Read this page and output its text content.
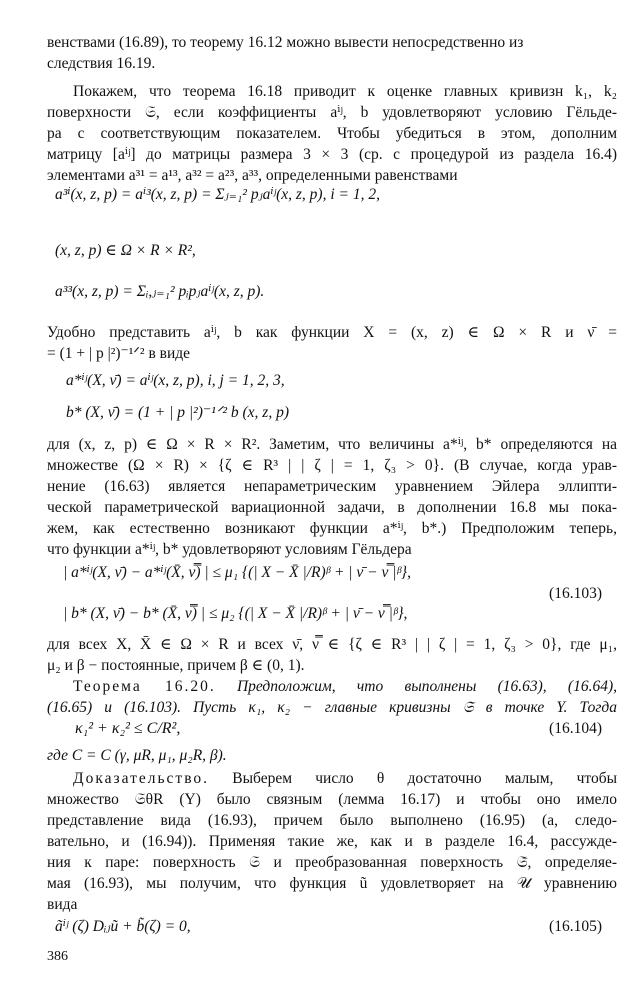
венствами (16.89), то теорему 16.12 можно вывести непосредственно из

следствия 16.19.

Покажем, что теорема 16.18 приводит к оценке главных кривизн k₁, k₂

поверхности 𝔖, если коэффициенты aⁱʲ, b удовлетворяют условию Гёльде-

ра с соответствующим показателем. Чтобы убедиться в этом, дополним

матрицу [aⁱʲ] до матрицы размера 3 × 3 (ср. с процедурой из раздела 16.4)

элементами a³¹ = a¹³, a³² = a²³, a³³, определенными равенствами

a³ⁱ(x, z, p) = aⁱ³(x, z, p) = Σⱼ₌₁² pⱼaⁱʲ(x, z, p), i = 1, 2,
(x, z, p) ∈ Ω × R × R²,
a³³(x, z, p) = Σᵢ,ⱼ₌₁² pᵢpⱼaⁱʲ(x, z, p).

Удобно представить aⁱʲ, b как функции X = (x, z) ∈ Ω × R и ν̄ =

= (1 + | p |²)⁻¹ᐟ² в виде

a*ⁱʲ(X, ν̄) = aⁱʲ(x, z, p), i, j = 1, 2, 3,
b* (X, ν̄) = (1 + | p |²)⁻¹ᐟ² b (x, z, p)

для (x, z, p) ∈ Ω × R × R². Заметим, что величины a*ⁱʲ, b* определяются на

множестве (Ω × R) × {ζ ∈ R³ | | ζ | = 1, ζ₃ > 0}. (В случае, когда урав-

нение (16.63) является непараметрическим уравнением Эйлера эллипти-

ческой параметрической вариационной задачи, в дополнении 16.8 мы пока-

жем, как естественно возникают функции a*ⁱʲ, b*.) Предположим теперь,

что функции a*ⁱʲ, b* удовлетворяют условиям Гёльдера

| a*ⁱʲ(X, ν̄) − a*ⁱʲ(X̄, ν̿) | ≤ μ₁ {(| X − X̄ |/R)ᵝ + | ν̄ − ν̿ |ᵝ},
(16.103)
| b* (X, ν̄) − b* (X̄, ν̿) | ≤ μ₂ {(| X − X̄ |/R)ᵝ + | ν̄ − ν̿ |ᵝ},

для всех X, X̄ ∈ Ω × R и всех ν̄, ν̿ ∈ {ζ ∈ R³ | | ζ | = 1, ζ₃ > 0}, где μ₁,

μ₂ и β − постоянные, причем β ∈ (0, 1).

Теорема 16.20. Предположим, что выполнены (16.63), (16.64),

(16.65) и (16.103). Пусть κ₁, κ₂ − главные кривизны 𝔖 в точке Y. Тогда

κ₁² + κ₂² ≤ C/R²,	(16.104)

где C = C (γ, μR, μ₁, μ₂R, β).

Доказательство. Выберем число θ достаточно малым, чтобы

множество 𝔖θR (Y) было связным (лемма 16.17) и чтобы оно имело

представление вида (16.93), причем было выполнено (16.95) (а, следо-

вательно, и (16.94)). Применяя такие же, как и в разделе 16.4, рассужде-

ния к паре: поверхность 𝔖 и преобразованная поверхность 𝔖̃, определяе-

мая (16.93), мы получим, что функция ũ удовлетворяет на 𝒰 уравнению

вида

ãⁱʲ (ζ) Dᵢⱼũ + b̃(ζ) = 0,	(16.105)
386
